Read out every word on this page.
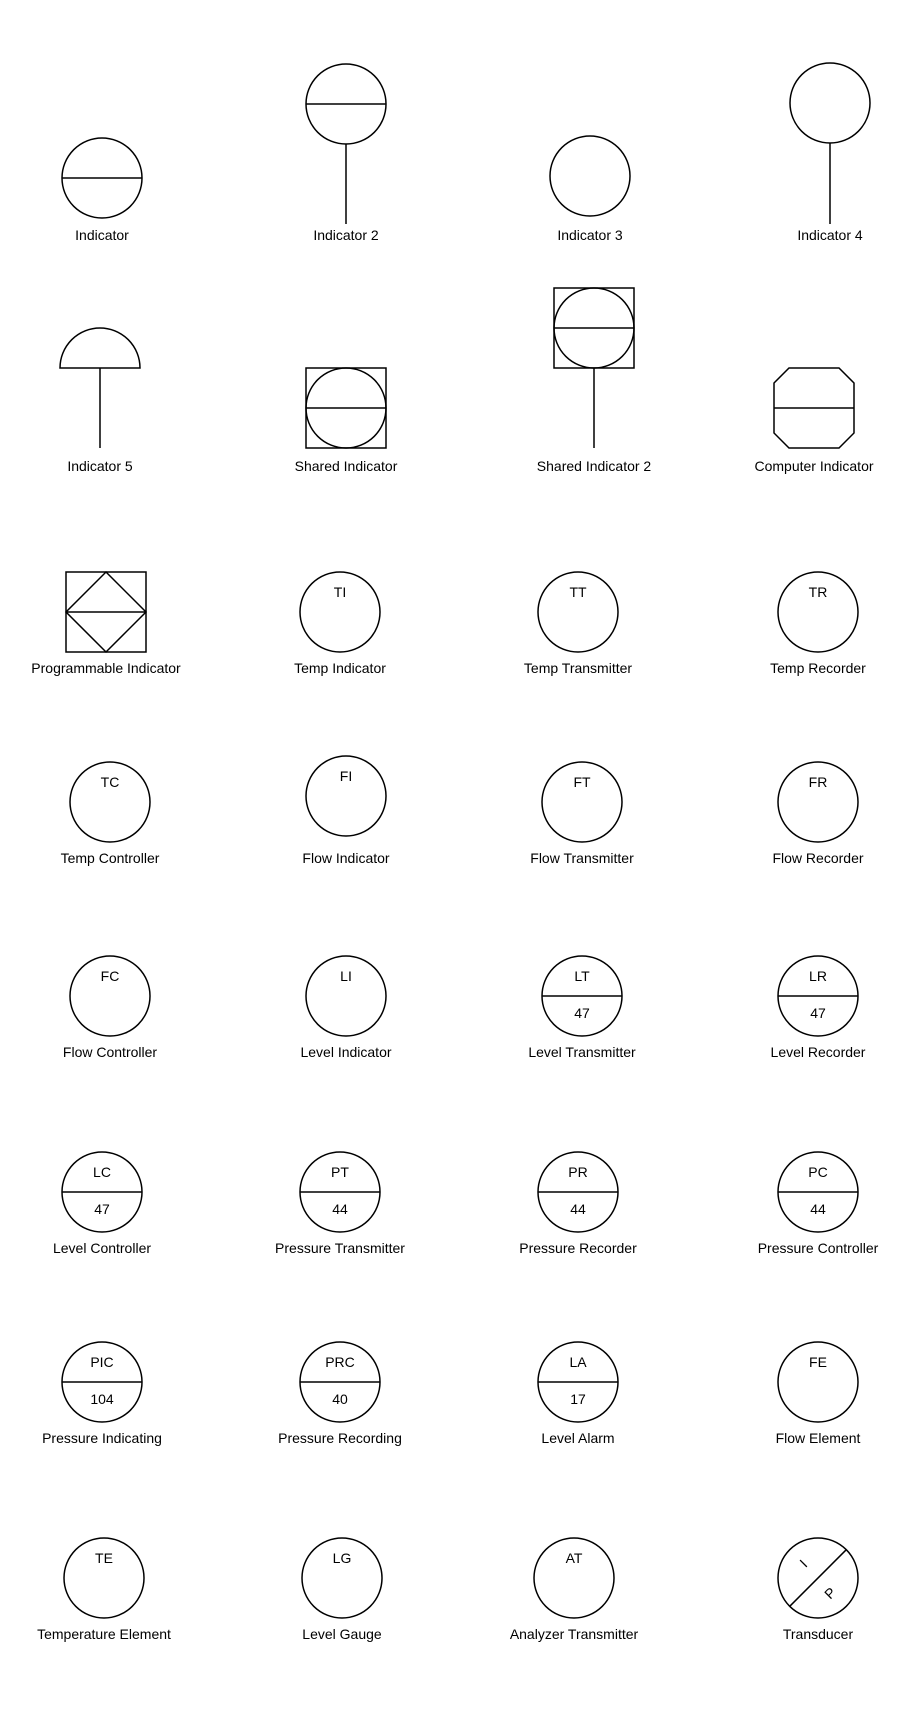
Indicator	Indicator 2	Indicator 3	Indicator 4
Indicator 5	Shared Indicator	Shared Indicator 2	Computer Indicator
Programmable Indicator
TI
Temp Indicator
TT
Temp Transmitter
TR
Temp Recorder
TC
Temp Controller
FI
Flow Indicator
FT
Flow Transmitter
FR
Flow Recorder
FC
Flow Controller
LI
Level Indicator
LT
47
Level Transmitter
LR
47
Level Recorder
LC
47
Level Controller
PT
44
Pressure Transmitter
PR
44
Pressure Recorder
PC
44
Pressure Controller
PIC
104
Pressure Indicating
PRC
40
Pressure Recording
LA
17
Level Alarm
FE
Flow Element
TE
Temperature Element
LG
Level Gauge
AT
Analyzer Transmitter
I
P
Transducer
